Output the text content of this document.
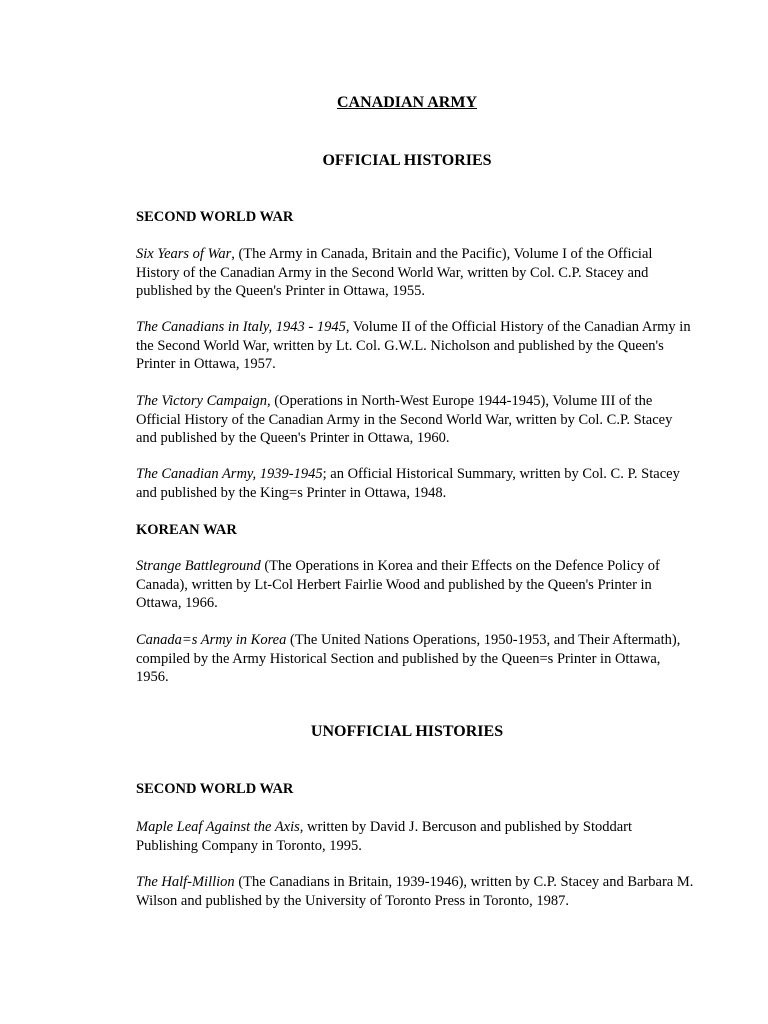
CANADIAN ARMY
OFFICIAL HISTORIES
SECOND WORLD WAR
Six Years of War, (The Army in Canada, Britain and the Pacific), Volume I of the Official History of the Canadian Army in the Second World War, written by Col. C.P. Stacey and published by the Queen's Printer in Ottawa, 1955.
The Canadians in Italy, 1943 - 1945, Volume II of the Official History of the Canadian Army in the Second World War, written by Lt. Col. G.W.L. Nicholson and published by the Queen's Printer in Ottawa, 1957.
The Victory Campaign, (Operations in North-West Europe 1944-1945), Volume III of the Official History of the Canadian Army in the Second World War, written by Col. C.P. Stacey and published by the Queen's Printer in Ottawa, 1960.
The Canadian Army, 1939-1945; an Official Historical Summary, written by Col. C. P. Stacey and published by the King=s Printer in Ottawa, 1948.
KOREAN WAR
Strange Battleground (The Operations in Korea and their Effects on the Defence Policy of Canada), written by Lt-Col Herbert Fairlie Wood and published by the Queen's Printer in Ottawa, 1966.
Canada=s Army in Korea (The United Nations Operations, 1950-1953, and Their Aftermath), compiled by the Army Historical Section and published by the Queen=s Printer in Ottawa, 1956.
UNOFFICIAL HISTORIES
SECOND WORLD WAR
Maple Leaf Against the Axis, written by David J. Bercuson and published by Stoddart Publishing Company in Toronto, 1995.
The Half-Million (The Canadians in Britain, 1939-1946), written by C.P. Stacey and Barbara M. Wilson and published by the University of Toronto Press in Toronto, 1987.
